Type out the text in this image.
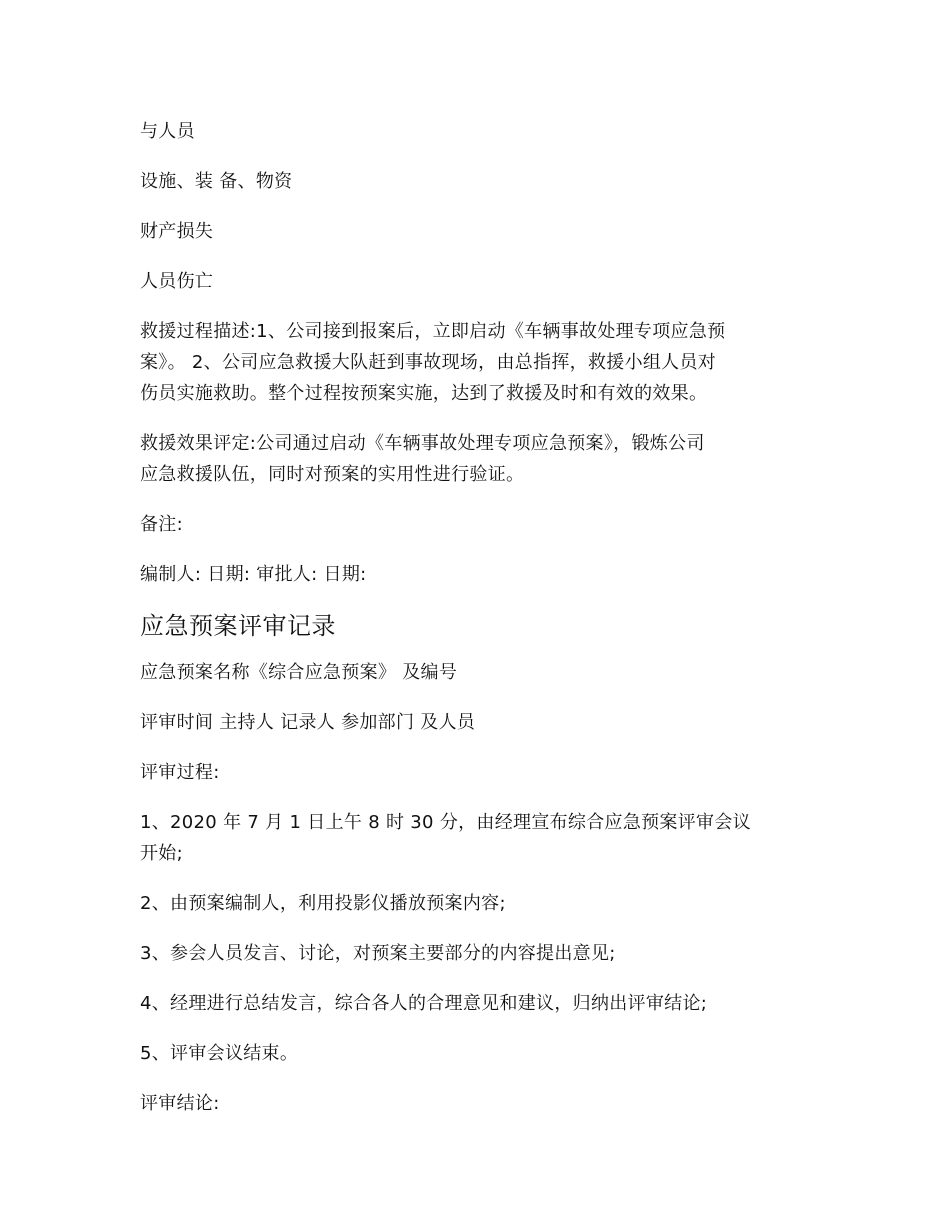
与人员

设施、装 备、物资

财产损失

人员伤亡

救援过程描述:1、公司接到报案后，立即启动《车辆事故处理专项应急预
案》。 2、公司应急救援大队赶到事故现场，由总指挥，救援小组人员对
伤员实施救助。整个过程按预案实施，达到了救援及时和有效的效果。

救援效果评定:公司通过启动《车辆事故处理专项应急预案》，锻炼公司
应急救援队伍，同时对预案的实用性进行验证。

备注:

编制人: 日期: 审批人: 日期:

应急预案评审记录

应急预案名称《综合应急预案》 及编号

评审时间 主持人 记录人 参加部门 及人员

评审过程:

1、2020 年 7 月 1 日上午 8 时 30 分，由经理宣布综合应急预案评审会议
开始;

2、由预案编制人，利用投影仪播放预案内容;

3、参会人员发言、讨论，对预案主要部分的内容提出意见;

4、经理进行总结发言，综合各人的合理意见和建议，归纳出评审结论;

5、评审会议结束。

评审结论:
